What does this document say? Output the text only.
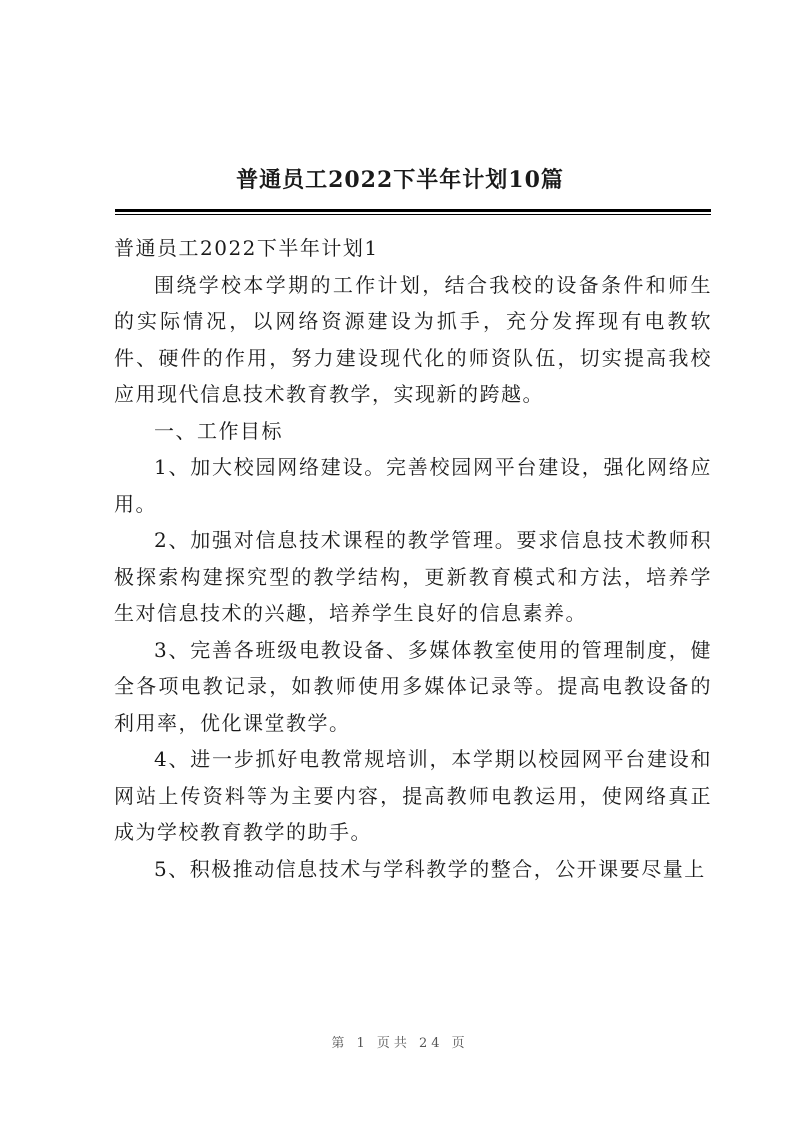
普通员工2022下半年计划10篇

普通员工2022下半年计划1

围绕学校本学期的工作计划，结合我校的设备条件和师生的实际情况，以网络资源建设为抓手，充分发挥现有电教软件、硬件的作用，努力建设现代化的师资队伍，切实提高我校应用现代信息技术教育教学，实现新的跨越。

一、工作目标

1、加大校园网络建设。完善校园网平台建设，强化网络应用。

2、加强对信息技术课程的教学管理。要求信息技术教师积极探索构建探究型的教学结构，更新教育模式和方法，培养学生对信息技术的兴趣，培养学生良好的信息素养。

3、完善各班级电教设备、多媒体教室使用的管理制度，健全各项电教记录，如教师使用多媒体记录等。提高电教设备的利用率，优化课堂教学。

4、进一步抓好电教常规培训，本学期以校园网平台建设和网站上传资料等为主要内容，提高教师电教运用，使网络真正成为学校教育教学的助手。

5、积极推动信息技术与学科教学的整合，公开课要尽量上

第 1 页共 24 页
